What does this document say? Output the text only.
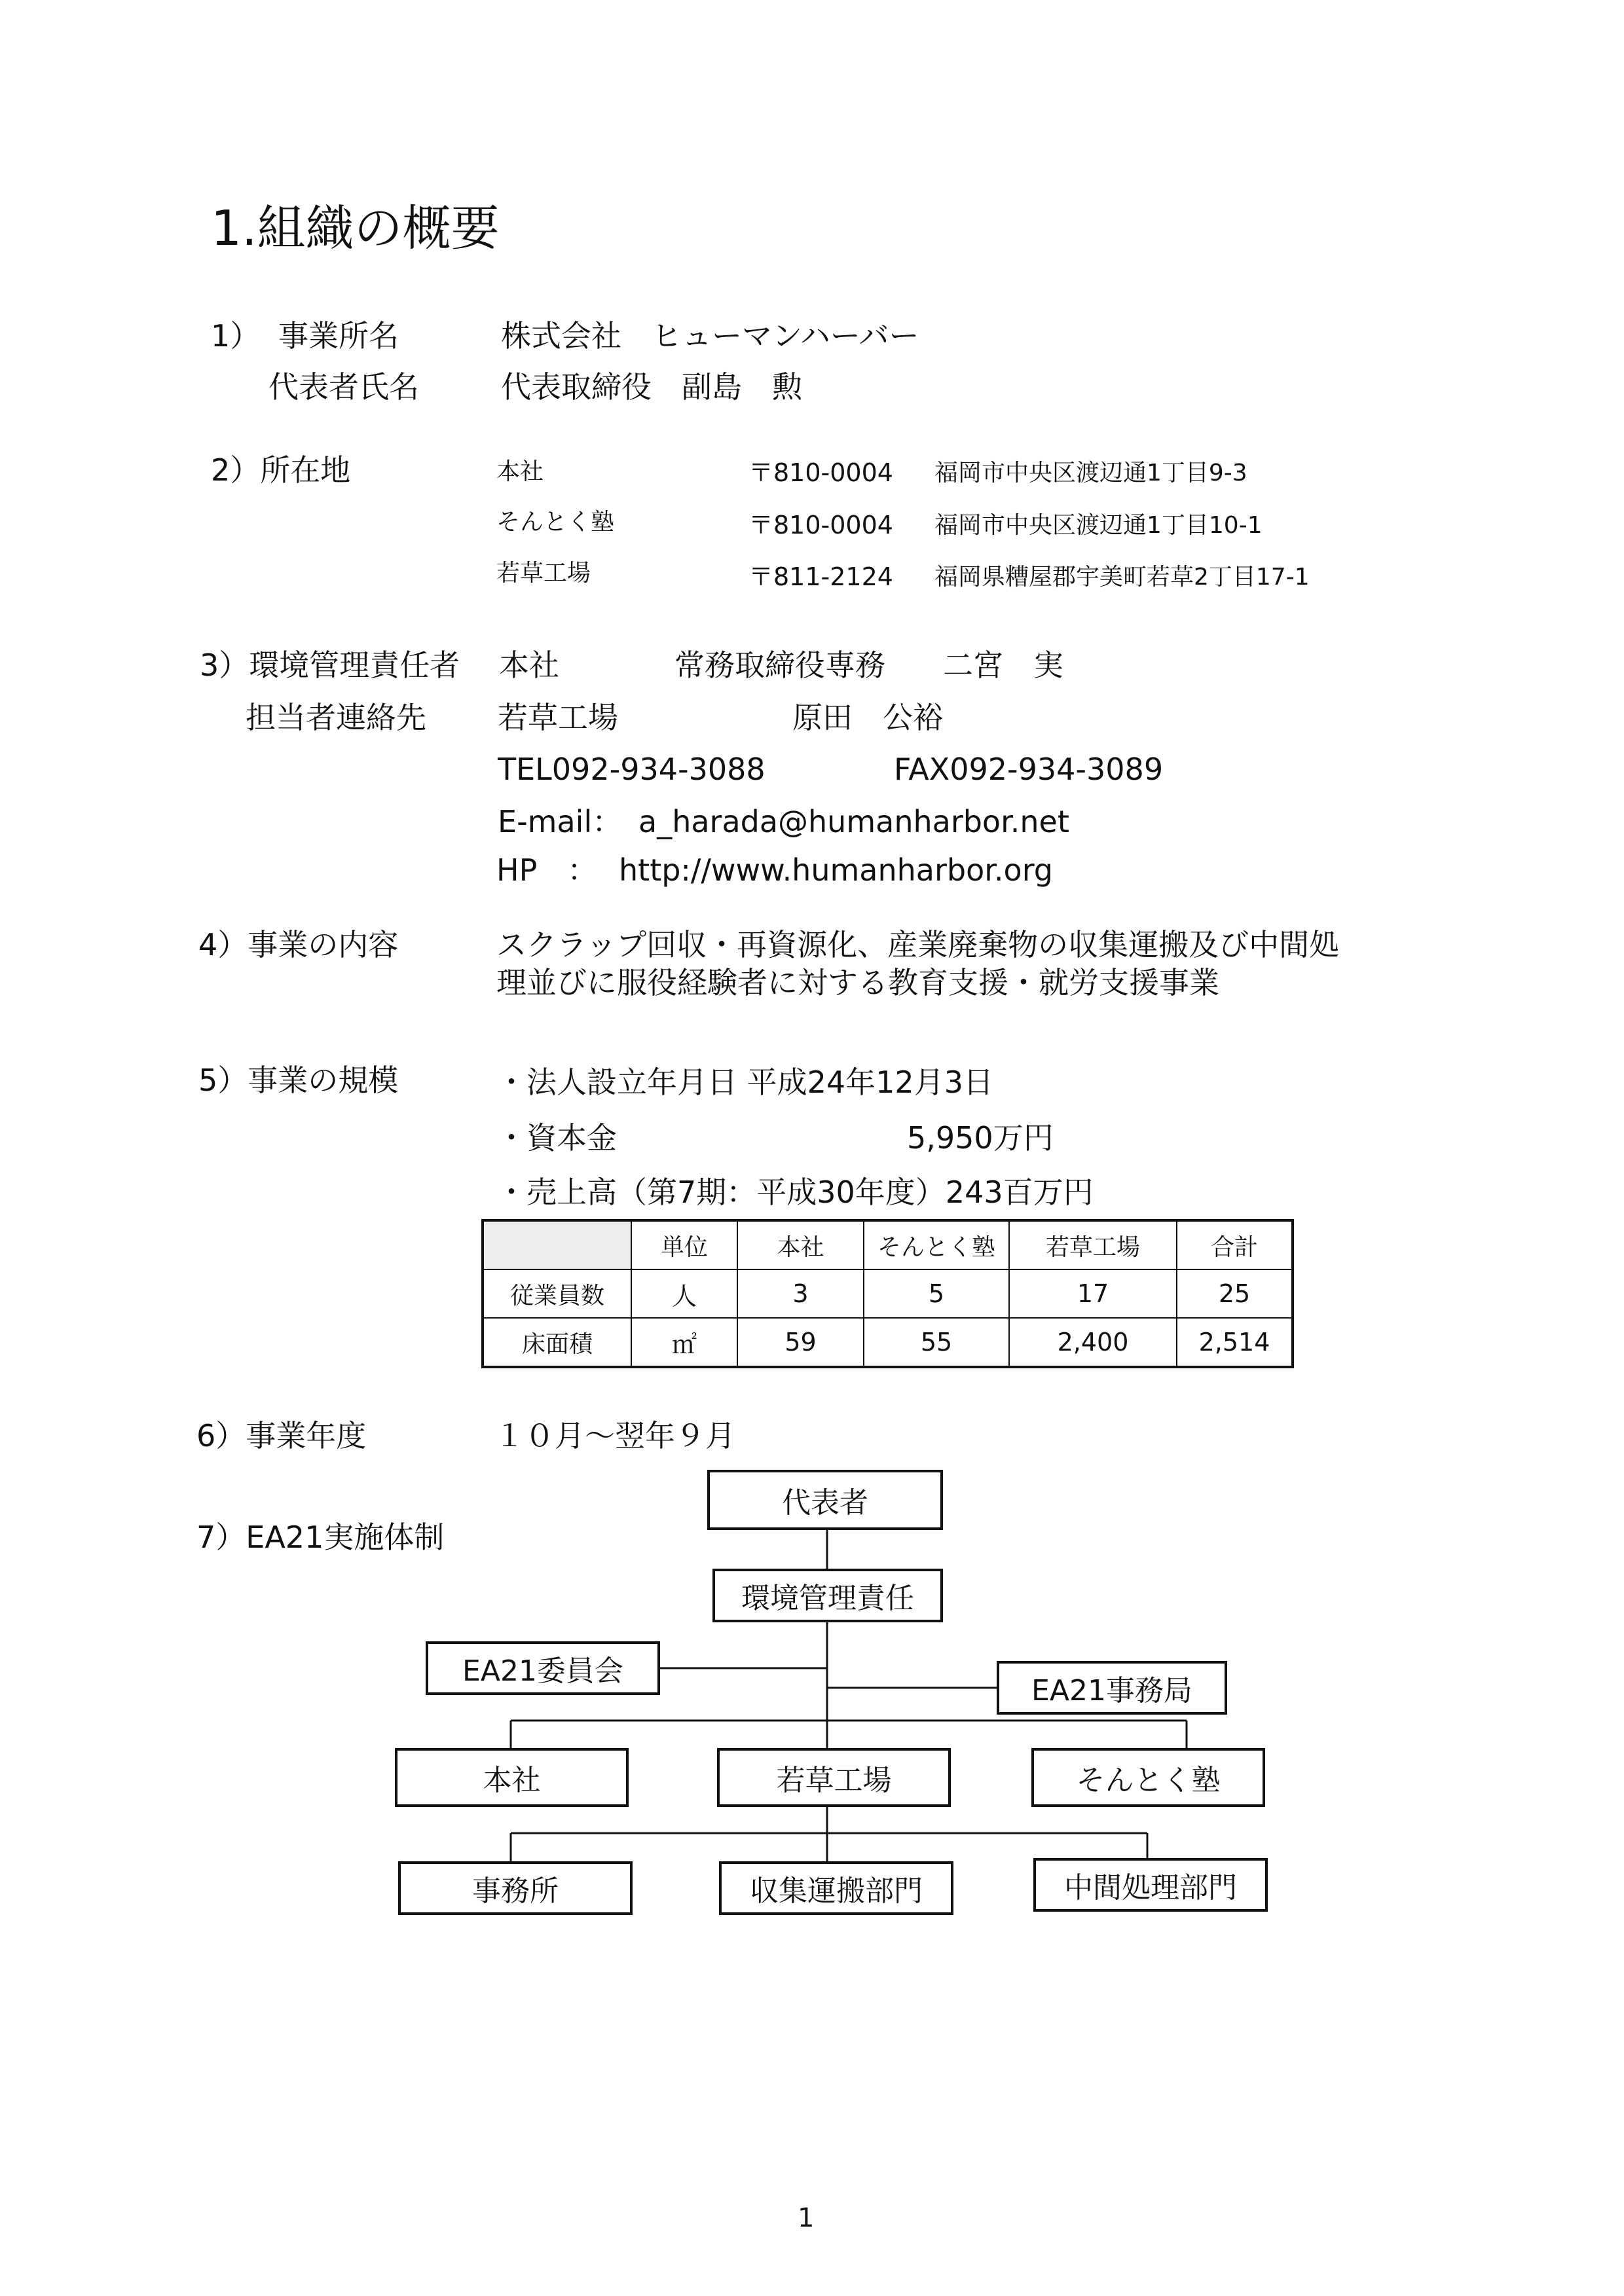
1.組織の概要
1） 事業所名	株式会社　ヒューマンハーバー
代表者氏名	代表取締役　副島　勲
2）所在地	本社	〒810-0004 福岡市中央区渡辺通1丁目9-3
そんとく塾	〒810-0004 福岡市中央区渡辺通1丁目10-1
若草工場	〒811-2124 福岡県糟屋郡宇美町若草2丁目17-1
3）環境管理責任者 本社	常務取締役専務 二宮　実
担当者連絡先 若草工場	原田　公裕
TEL092-934-3088	FAX092-934-3089
E-mail： a_harada@humanharbor.net
HP　： http://www.humanharbor.org
4）事業の内容	スクラップ回収・再資源化、産業廃棄物の収集運搬及び中間処
理並びに服役経験者に対する教育支援・就労支援事業
5）事業の規模	・法人設立年月日 平成24年12月3日
・資本金	5,950万円
・売上高（第7期：平成30年度）243百万円
	単位	本社	そんとく塾	若草工場	合計
従業員数	人	3	5	17	25
床面積	㎡	59	55	2,400	2,514
6）事業年度	１０月～翌年９月
7）EA21実施体制
代表者
環境管理責任
EA21委員会
EA21事務局
本社	若草工場	そんとく塾
事務所	収集運搬部門	中間処理部門
1
